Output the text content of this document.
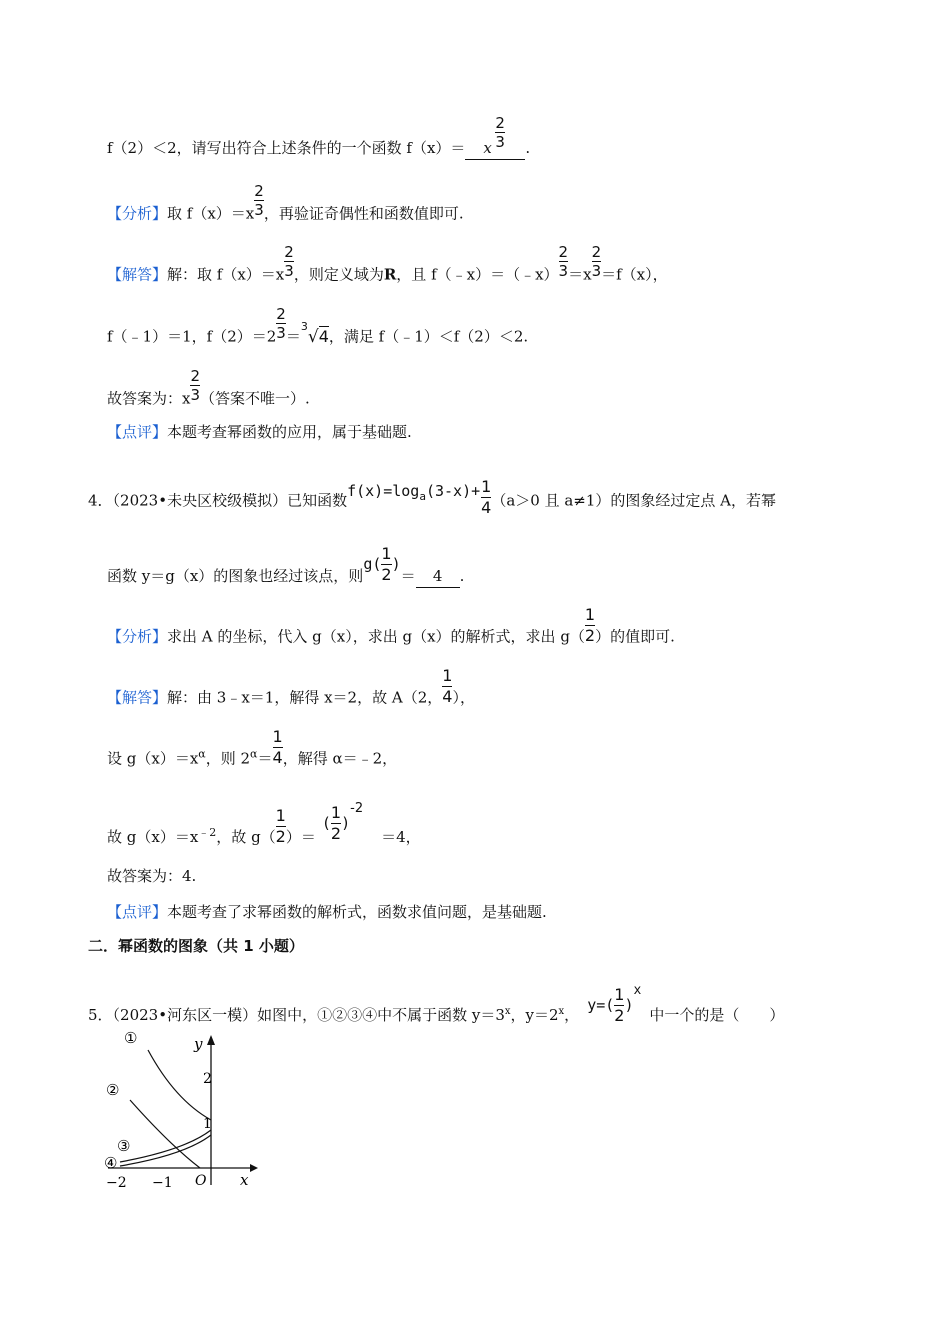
f（2）＜2，请写出符合上述条件的一个函数 f（x）＝ x
2
3 .
【分析】取 $f(x)=x \frac{2}{3}$ ，再验证奇偶性和函数值即可.
【解答】解：取 $f(x)=x \frac{2}{3}$ ，则定义域为R，且 f（﹣x）＝（﹣x） $\frac{2}{3} =x \frac{2}{3} =f(x)$，
f（﹣1）＝1，$f(2)=2 \frac{2}{3} =^3√4$，满足 f（﹣1）＜f（2）＜2.
故答案为：x $\frac{2}{3}$ （答案不唯一）.
【点评】本题考查幂函数的应用，属于基础题.
4．（2023•未央区校级模拟）已知函数$f(x)=\log_a(3-x)+ \frac{1}{4} (a>0$ 且 a≠1）的图象经过定点 A，若幂
函数 y＝g（x）的图象也经过该点，则$g( \frac{1}{2}$ )＝ 4 .
【分析】求出 A 的坐标，代入 g（x），求出 g（x）的解析式，求出 $g( \frac{1}{2}$ ）的值即可.
【解答】解：由 3﹣x＝1，解得 x＝2，故 A（2， $\frac{1}{4}$ ），
设 $g(x)=x^\alpha$，则 $2^\alpha= \frac{1}{4}$ ，解得 α＝﹣2，
故 $g(x)=x^{﹣2}$，故 $g( \frac{1}{2}$ ）＝( $\frac{1}{2} )-2=4$，
故答案为：4.
【点评】本题考查了求幂函数的解析式，函数求值问题，是基础题.
二．幂函数的图象（共 1 小题）
5．（2023•河东区一模）如图中，①②③④中不属于函数 $y=3^x$，$y=2^x$，$y=( \frac{1}{2} )x$中一个的是（　　）
2
1
−2 −1 O x
y
①
②
③
④
